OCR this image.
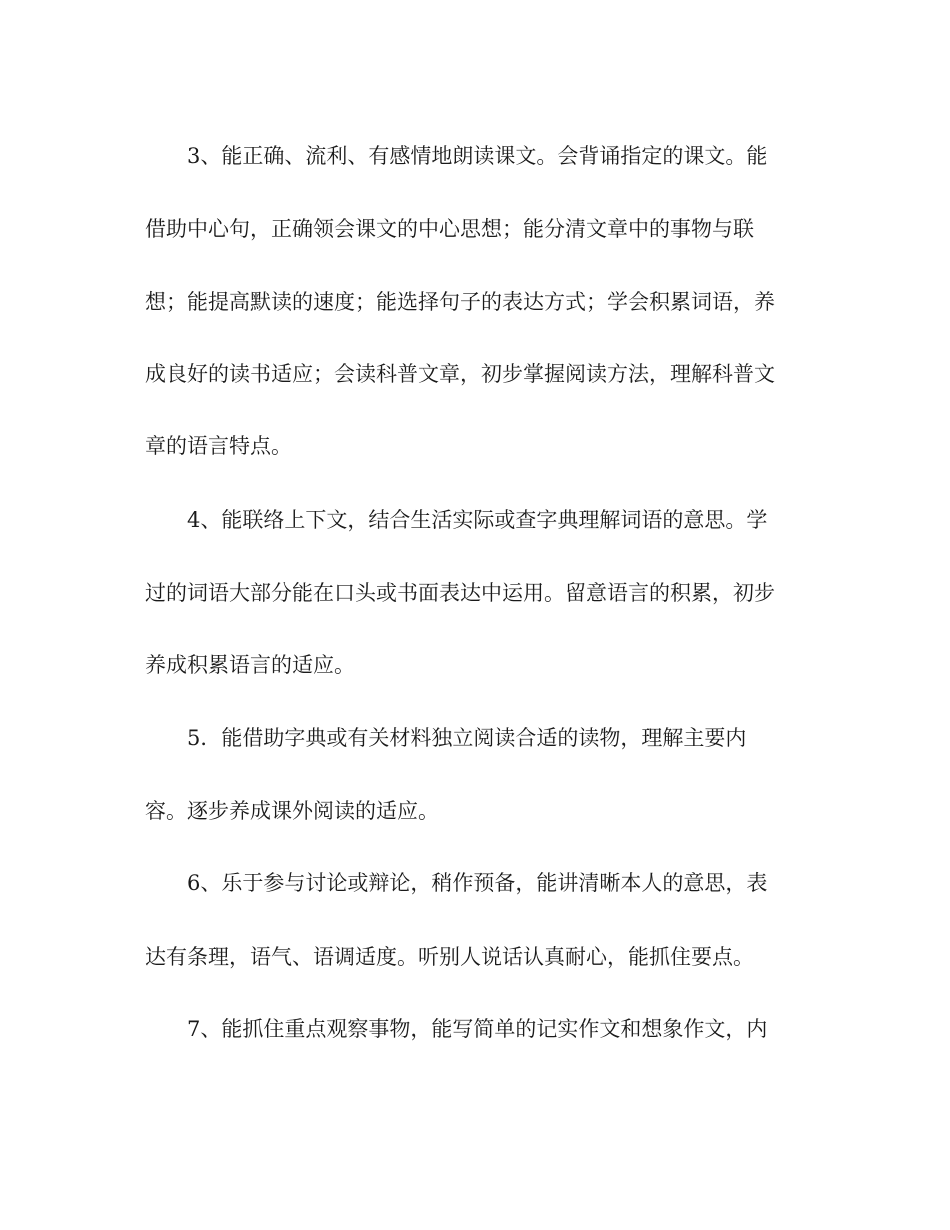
3、能正确、流利、有感情地朗读课文。会背诵指定的课文。能

借助中心句，正确领会课文的中心思想；能分清文章中的事物与联

想；能提高默读的速度；能选择句子的表达方式；学会积累词语，养

成良好的读书适应；会读科普文章，初步掌握阅读方法，理解科普文

章的语言特点。

4、能联络上下文，结合生活实际或查字典理解词语的意思。学

过的词语大部分能在口头或书面表达中运用。留意语言的积累，初步

养成积累语言的适应。

5．能借助字典或有关材料独立阅读合适的读物，理解主要内

容。逐步养成课外阅读的适应。

6、乐于参与讨论或辩论，稍作预备，能讲清晰本人的意思，表

达有条理，语气、语调适度。听别人说话认真耐心，能抓住要点。

7、能抓住重点观察事物，能写简单的记实作文和想象作文，内
